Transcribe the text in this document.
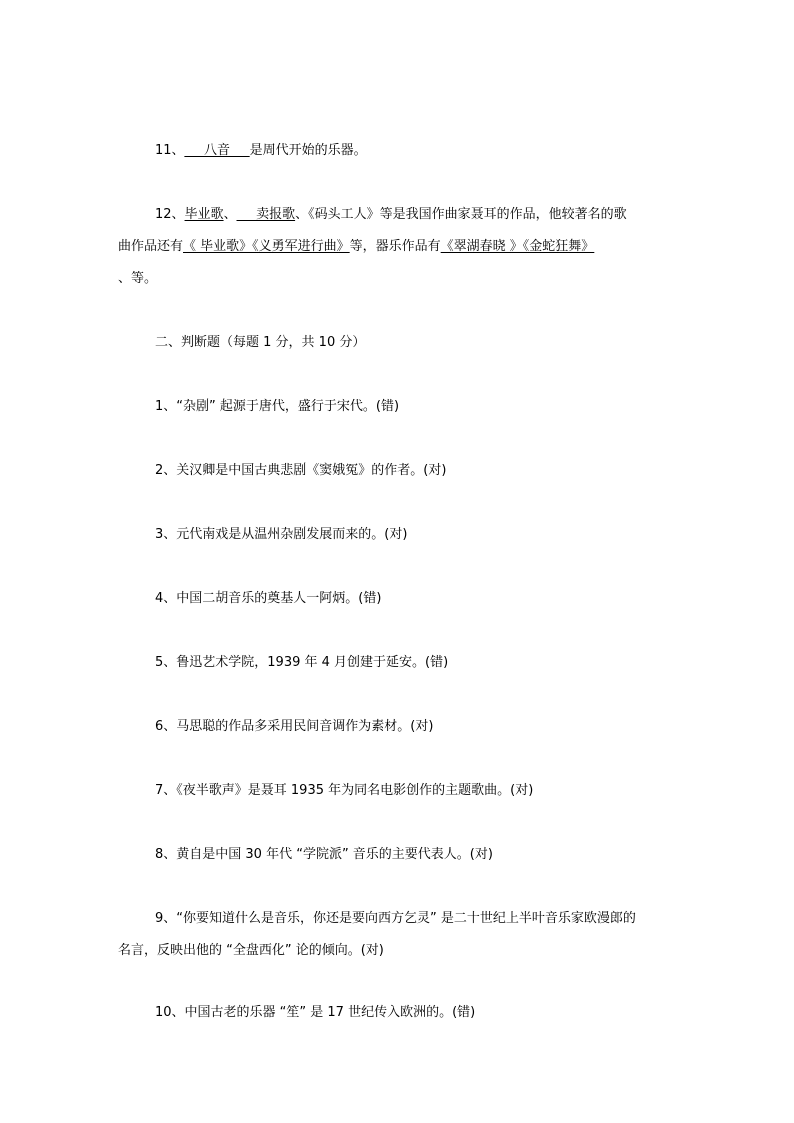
11、___八音___是周代开始的乐器。
12、毕业歌、___卖报歌、《码头工人》等是我国作曲家聂耳的作品，他较著名的歌
曲作品还有《 毕业歌》《义勇军进行曲》等，器乐作品有《翠湖春晓 》《金蛇狂舞》
、等。
二、判断题（每题 1 分，共 10 分）
1、“杂剧” 起源于唐代，盛行于宋代。(错)
2、关汉卿是中国古典悲剧《窦娥冤》的作者。(对)
3、元代南戏是从温州杂剧发展而来的。(对)
4、中国二胡音乐的奠基人一阿炳。(错)
5、鲁迅艺术学院，1939 年 4 月创建于延安。(错)
6、马思聪的作品多采用民间音调作为素材。(对)
7、《夜半歌声》是聂耳 1935 年为同名电影创作的主题歌曲。(对)
8、黄自是中国 30 年代 “学院派” 音乐的主要代表人。(对)
9、“你要知道什么是音乐，你还是要向西方乞灵” 是二十世纪上半叶音乐家欧漫郎的
名言，反映出他的 “全盘西化” 论的倾向。(对)
10、中国古老的乐器 “笙” 是 17 世纪传入欧洲的。(错)
